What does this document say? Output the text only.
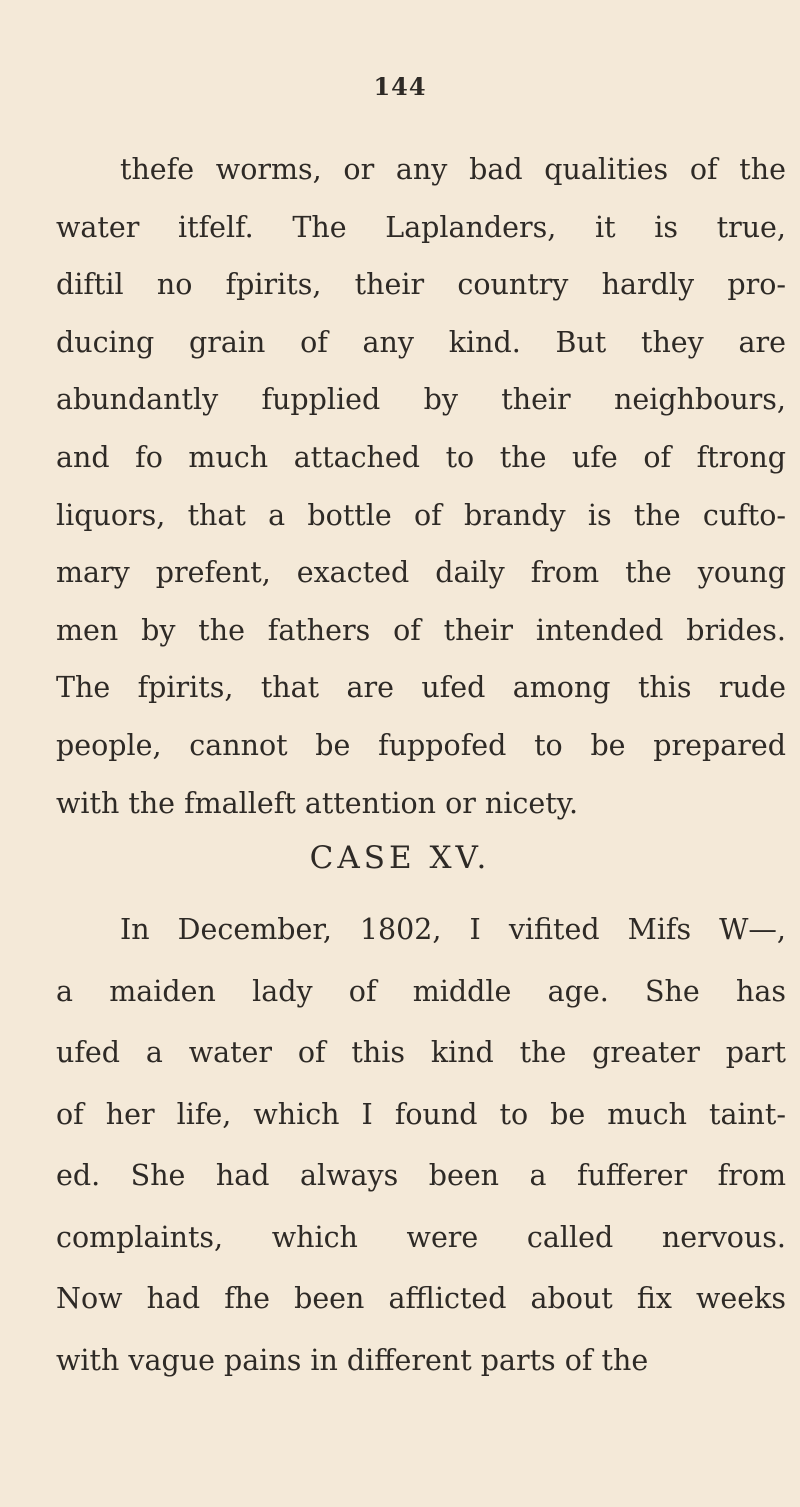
144
thefe worms, or any bad qualities of the
water itfelf. The Laplanders, it is true,
diftil no fpirits, their country hardly pro-
ducing grain of any kind. But they are
abundantly fupplied by their neighbours,
and fo much attached to the ufe of ftrong
liquors, that a bottle of brandy is the cufto-
mary prefent, exacted daily from the young
men by the fathers of their intended brides.
The fpirits, that are ufed among this rude
people, cannot be fuppofed to be prepared
with the fmalleft attention or nicety.
CASE XV.
In December, 1802, I vifited Mifs W—,
a maiden lady of middle age. She has
ufed a water of this kind the greater part
of her life, which I found to be much taint-
ed. She had always been a fufferer from
complaints, which were called nervous.
Now had fhe been afflicted about fix weeks
with vague pains in different parts of the
